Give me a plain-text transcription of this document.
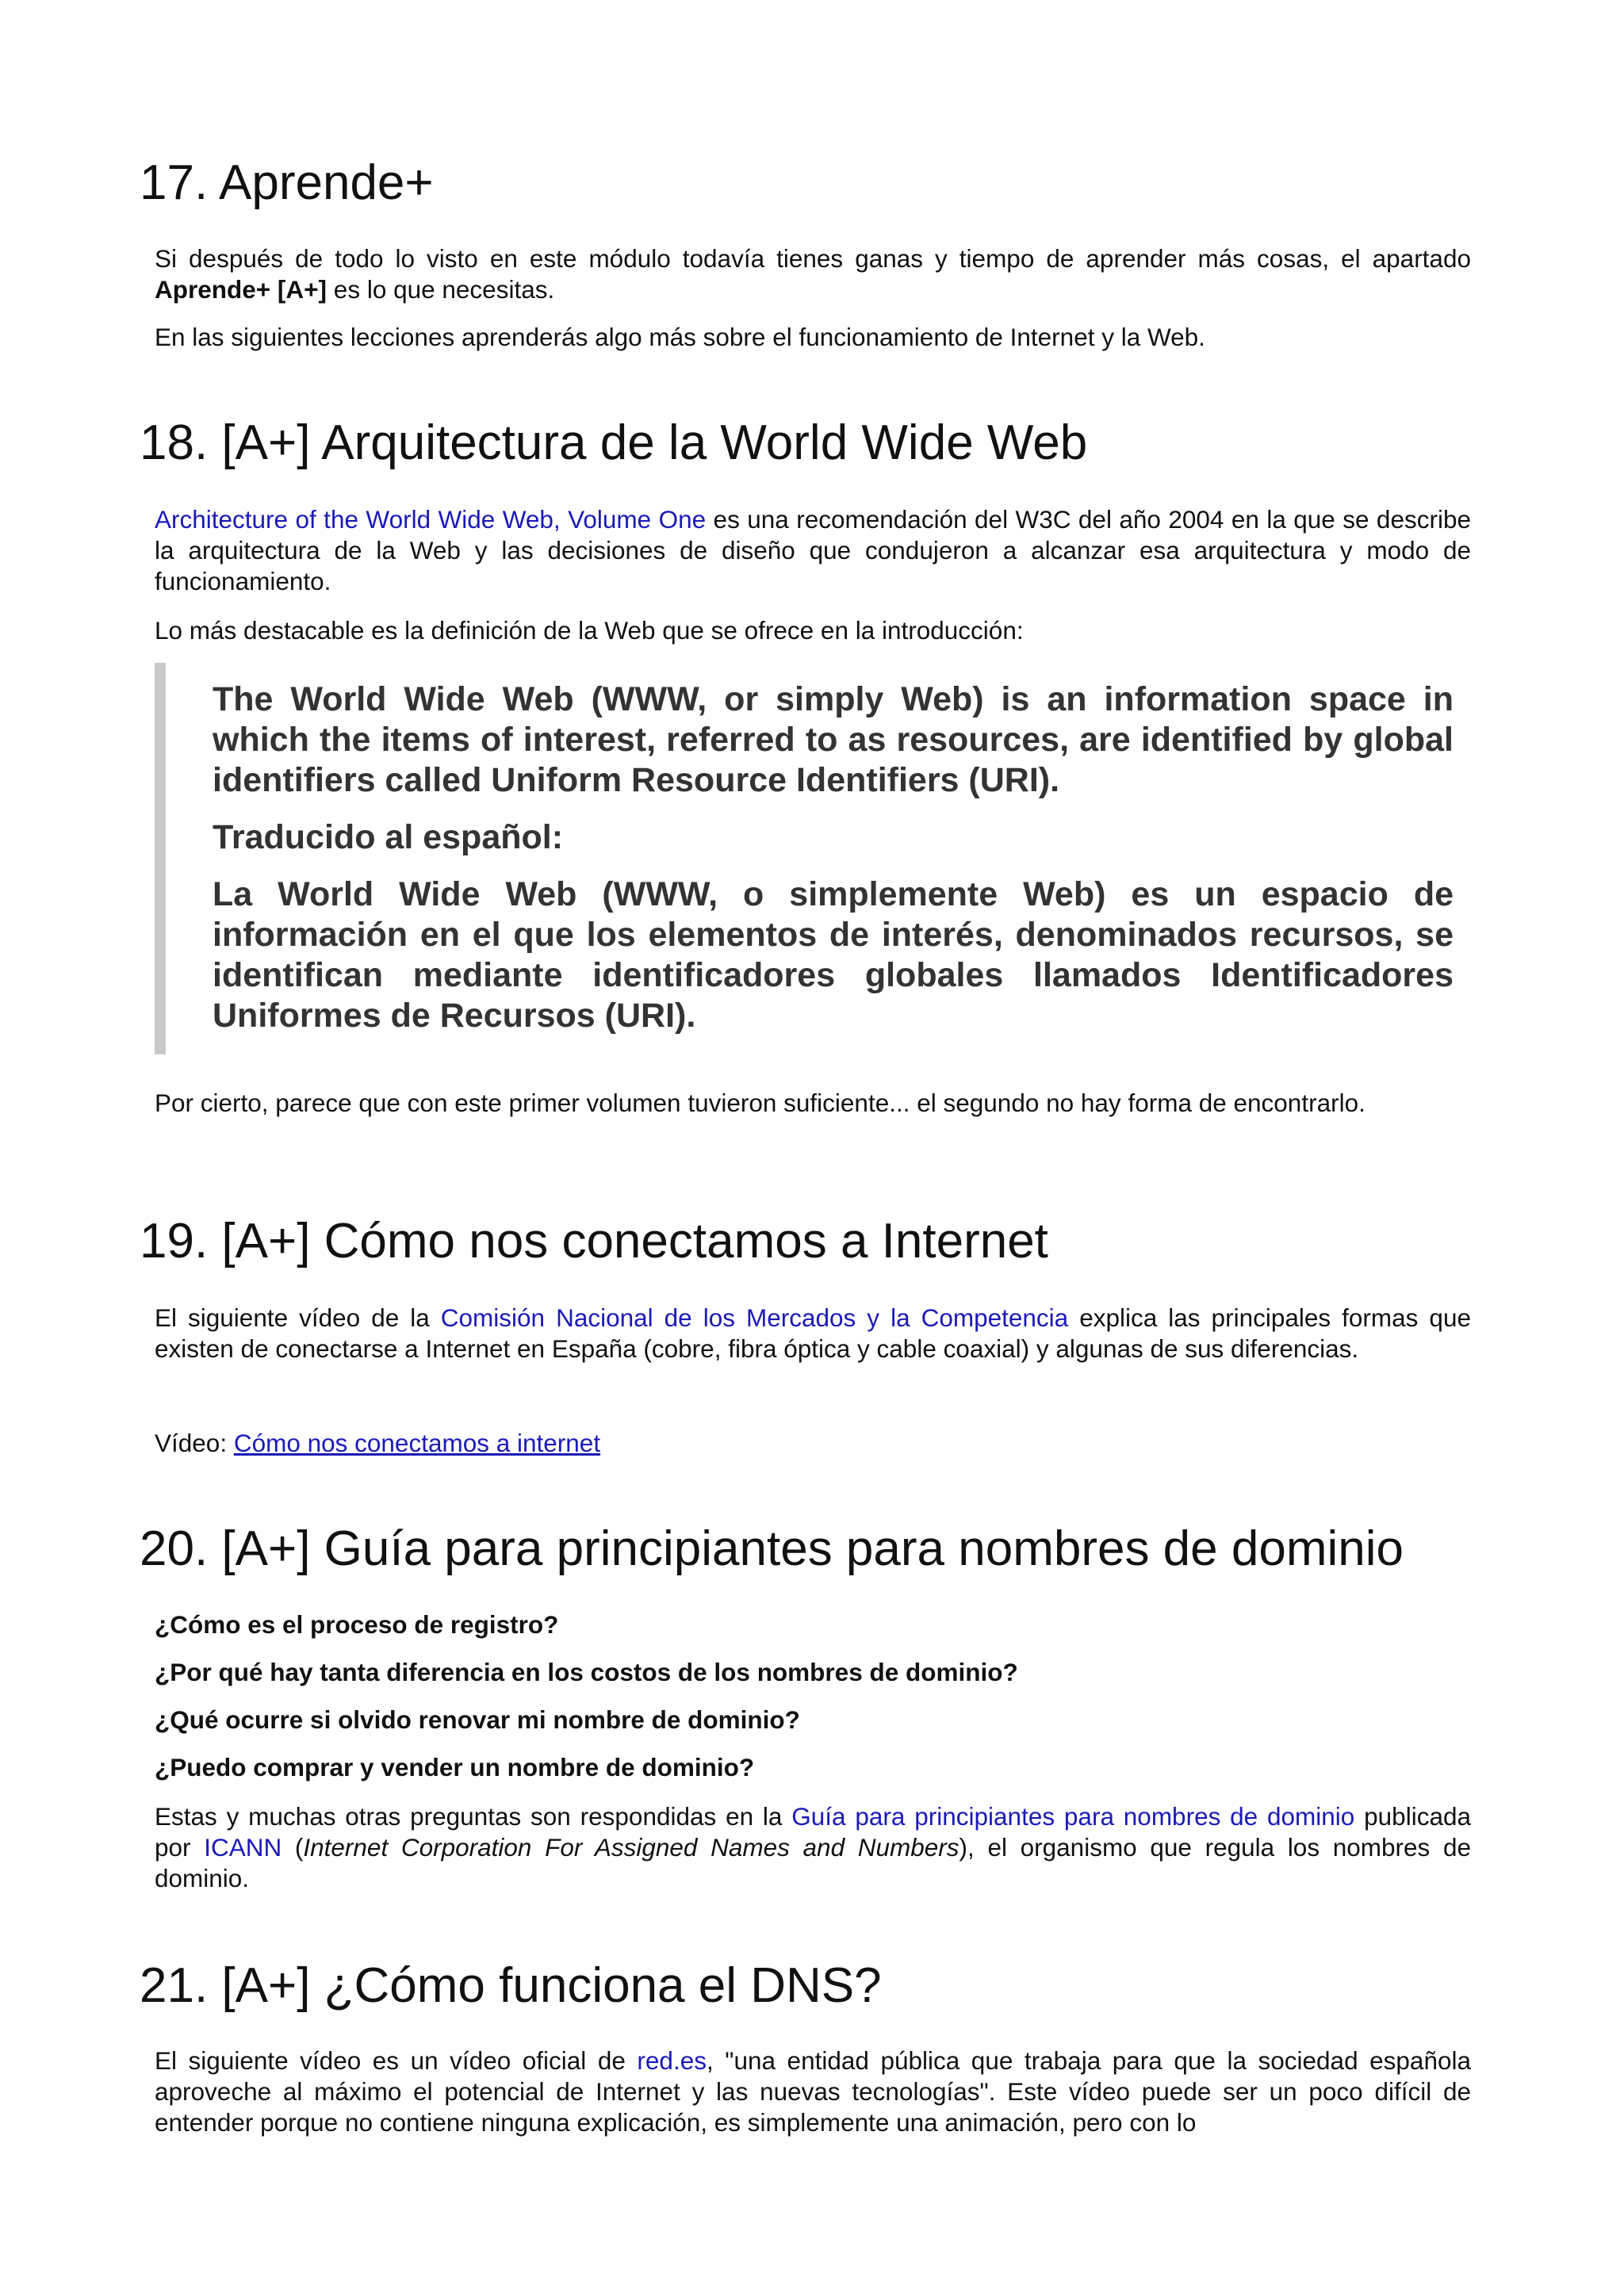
17. Aprende+

Si después de todo lo visto en este módulo todavía tienes ganas y tiempo de aprender más cosas, el apartado Aprende+ [A+] es lo que necesitas.

En las siguientes lecciones aprenderás algo más sobre el funcionamiento de Internet y la Web.

18. [A+] Arquitectura de la World Wide Web

Architecture of the World Wide Web, Volume One es una recomendación del W3C del año 2004 en la que se describe la arquitectura de la Web y las decisiones de diseño que condujeron a alcanzar esa arquitectura y modo de funcionamiento.

Lo más destacable es la definición de la Web que se ofrece en la introducción:

The World Wide Web (WWW, or simply Web) is an information space in which the items of interest, referred to as resources, are identified by global identifiers called Uniform Resource Identifiers (URI).

Traducido al español:

La World Wide Web (WWW, o simplemente Web) es un espacio de información en el que los elementos de interés, denominados recursos, se identifican mediante identificadores globales llamados Identificadores Uniformes de Recursos (URI).

Por cierto, parece que con este primer volumen tuvieron suficiente... el segundo no hay forma de encontrarlo.

19. [A+] Cómo nos conectamos a Internet

El siguiente vídeo de la Comisión Nacional de los Mercados y la Competencia explica las principales formas que existen de conectarse a Internet en España (cobre, fibra óptica y cable coaxial) y algunas de sus diferencias.

Vídeo: Cómo nos conectamos a internet

20. [A+] Guía para principiantes para nombres de dominio

¿Cómo es el proceso de registro?

¿Por qué hay tanta diferencia en los costos de los nombres de dominio?

¿Qué ocurre si olvido renovar mi nombre de dominio?

¿Puedo comprar y vender un nombre de dominio?

Estas y muchas otras preguntas son respondidas en la Guía para principiantes para nombres de dominio publicada por ICANN (Internet Corporation For Assigned Names and Numbers), el organismo que regula los nombres de dominio.

21. [A+] ¿Cómo funciona el DNS?

El siguiente vídeo es un vídeo oficial de red.es, "una entidad pública que trabaja para que la sociedad española aproveche al máximo el potencial de Internet y las nuevas tecnologías". Este vídeo puede ser un poco difícil de entender porque no contiene ninguna explicación, es simplemente una animación, pero con lo
